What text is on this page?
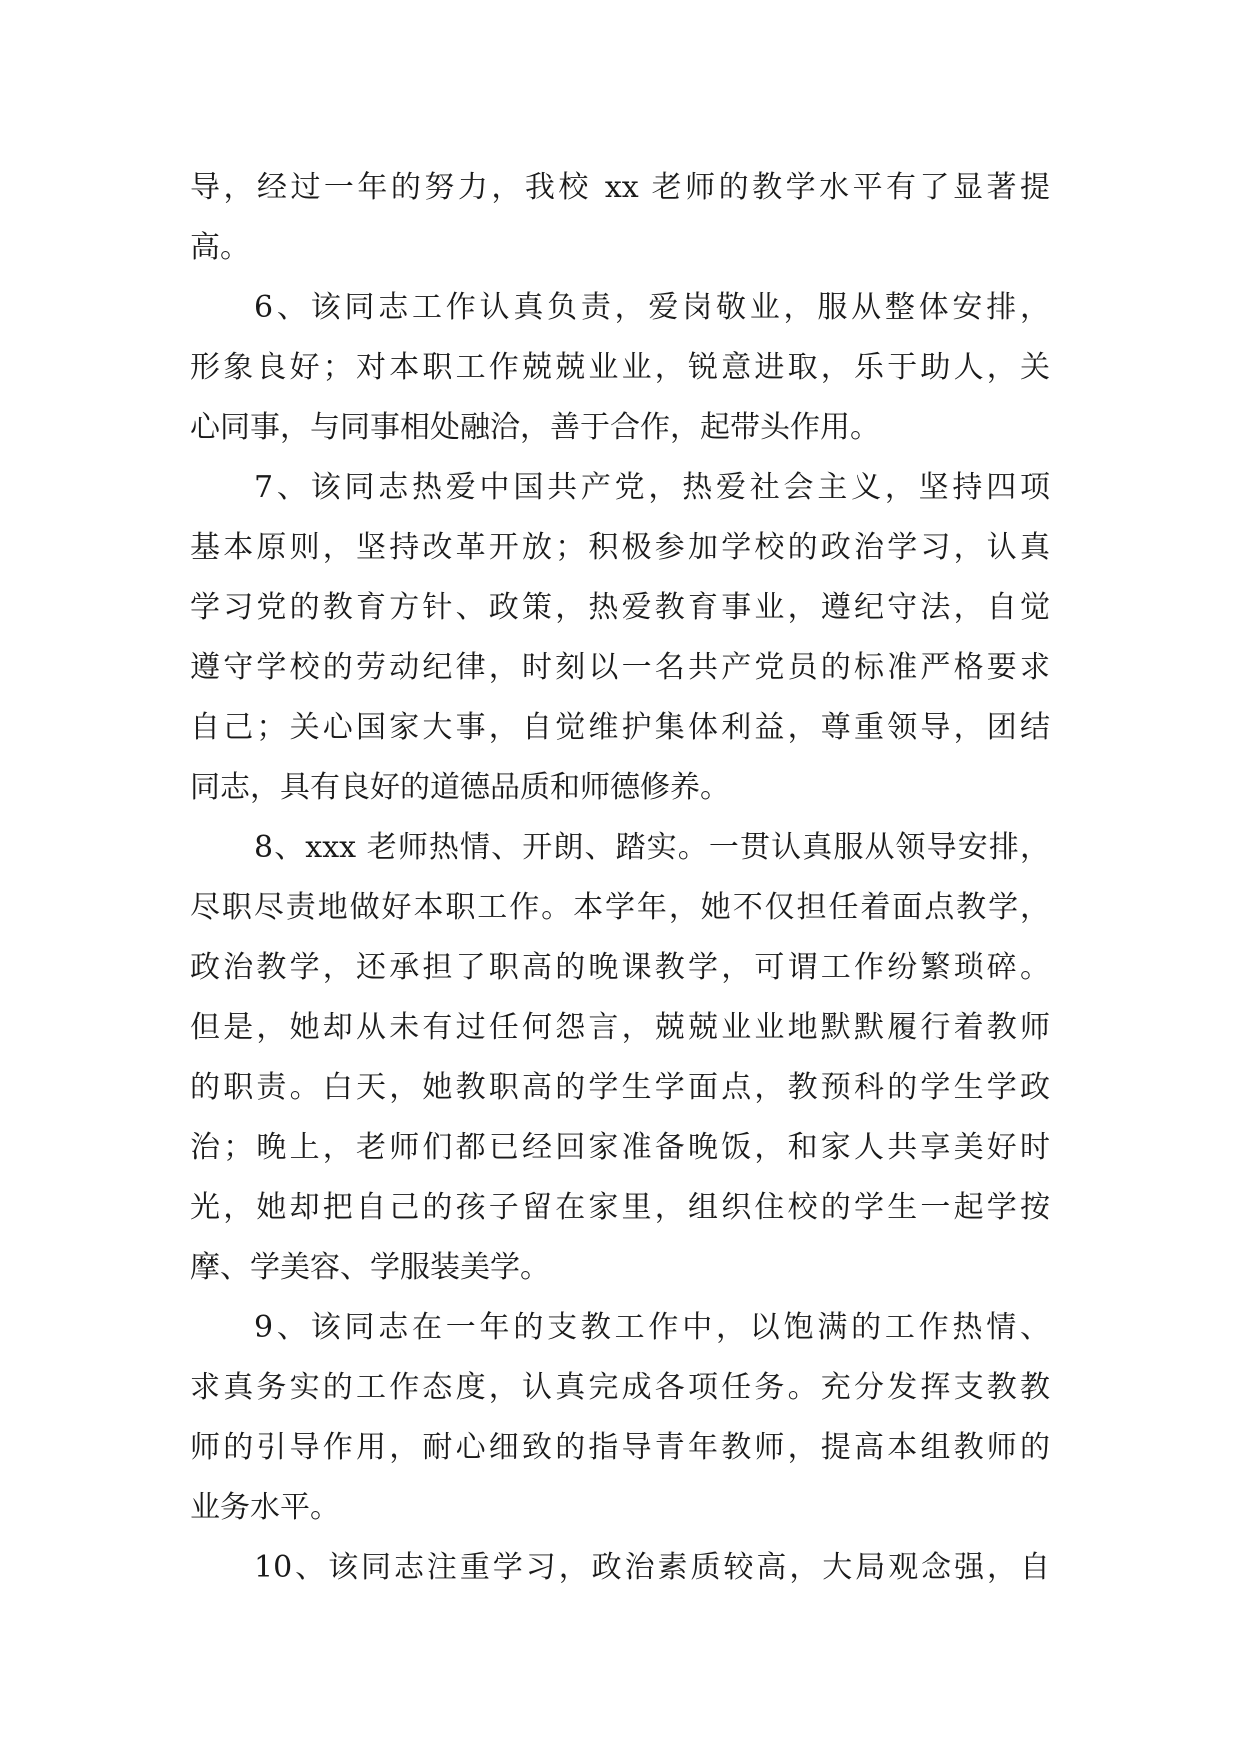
导，经过一年的努力，我校 xx 老师的教学水平有了显著提
高。
6、该同志工作认真负责，爱岗敬业，服从整体安排，
形象良好；对本职工作兢兢业业，锐意进取，乐于助人，关
心同事，与同事相处融洽，善于合作，起带头作用。
7、该同志热爱中国共产党，热爱社会主义，坚持四项
基本原则，坚持改革开放；积极参加学校的政治学习，认真
学习党的教育方针、政策，热爱教育事业，遵纪守法，自觉
遵守学校的劳动纪律，时刻以一名共产党员的标准严格要求
自己；关心国家大事，自觉维护集体利益，尊重领导，团结
同志，具有良好的道德品质和师德修养。
8、xxx 老师热情、开朗、踏实。一贯认真服从领导安排，
尽职尽责地做好本职工作。本学年，她不仅担任着面点教学，
政治教学，还承担了职高的晚课教学，可谓工作纷繁琐碎。
但是，她却从未有过任何怨言，兢兢业业地默默履行着教师
的职责。白天，她教职高的学生学面点，教预科的学生学政
治；晚上，老师们都已经回家准备晚饭，和家人共享美好时
光，她却把自己的孩子留在家里，组织住校的学生一起学按
摩、学美容、学服装美学。
9、该同志在一年的支教工作中，以饱满的工作热情、
求真务实的工作态度，认真完成各项任务。充分发挥支教教
师的引导作用，耐心细致的指导青年教师，提高本组教师的
业务水平。
10、该同志注重学习，政治素质较高，大局观念强，自
